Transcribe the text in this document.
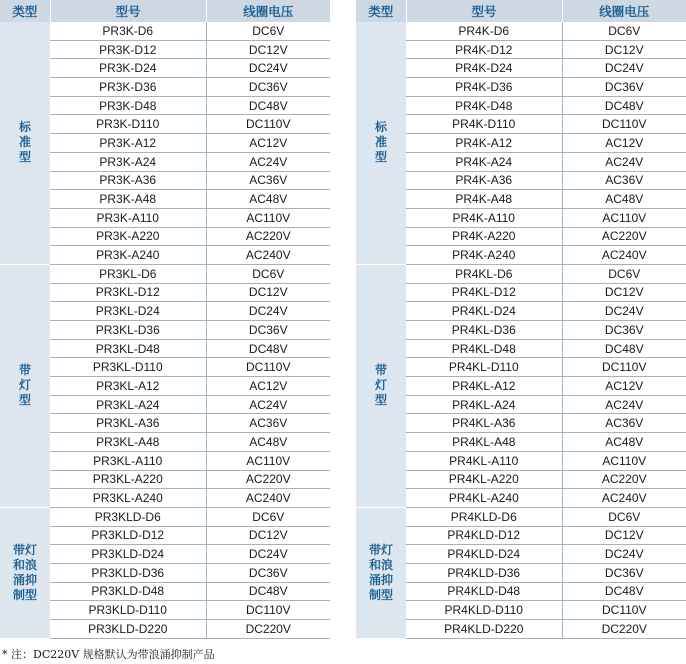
类型	型号	线圈电压

标
准
型	PR3K-D6	DC6V
	PR3K-D12	DC12V
	PR3K-D24	DC24V
	PR3K-D36	DC36V
	PR3K-D48	DC48V
	PR3K-D110	DC110V
	PR3K-A12	AC12V
	PR3K-A24	AC24V
	PR3K-A36	AC36V
	PR3K-A48	AC48V
	PR3K-A110	AC110V
	PR3K-A220	AC220V
	PR3K-A240	AC240V

带
灯
型	PR3KL-D6	DC6V
	PR3KL-D12	DC12V
	PR3KL-D24	DC24V
	PR3KL-D36	DC36V
	PR3KL-D48	DC48V
	PR3KL-D110	DC110V
	PR3KL-A12	AC12V
	PR3KL-A24	AC24V
	PR3KL-A36	AC36V
	PR3KL-A48	AC48V
	PR3KL-A110	AC110V
	PR3KL-A220	AC220V
	PR3KL-A240	AC240V

带灯
和浪
涌抑
制型	PR3KLD-D6	DC6V
	PR3KLD-D12	DC12V
	PR3KLD-D24	DC24V
	PR3KLD-D36	DC36V
	PR3KLD-D48	DC48V
	PR3KLD-D110	DC110V
	PR3KLD-D220	DC220V
类型	型号	线圈电压

标
准
型	PR4K-D6	DC6V
	PR4K-D12	DC12V
	PR4K-D24	DC24V
	PR4K-D36	DC36V
	PR4K-D48	DC48V
	PR4K-D110	DC110V
	PR4K-A12	AC12V
	PR4K-A24	AC24V
	PR4K-A36	AC36V
	PR4K-A48	AC48V
	PR4K-A110	AC110V
	PR4K-A220	AC220V
	PR4K-A240	AC240V

带
灯
型	PR4KL-D6	DC6V
	PR4KL-D12	DC12V
	PR4KL-D24	DC24V
	PR4KL-D36	DC36V
	PR4KL-D48	DC48V
	PR4KL-D110	DC110V
	PR4KL-A12	AC12V
	PR4KL-A24	AC24V
	PR4KL-A36	AC36V
	PR4KL-A48	AC48V
	PR4KL-A110	AC110V
	PR4KL-A220	AC220V
	PR4KL-A240	AC240V

带灯
和浪
涌抑
制型	PR4KLD-D6	DC6V
	PR4KLD-D12	DC12V
	PR4KLD-D24	DC24V
	PR4KLD-D36	DC36V
	PR4KLD-D48	DC48V
	PR4KLD-D110	DC110V
	PR4KLD-D220	DC220V
* 注：DC220V 规格默认为带浪涌抑制产品
